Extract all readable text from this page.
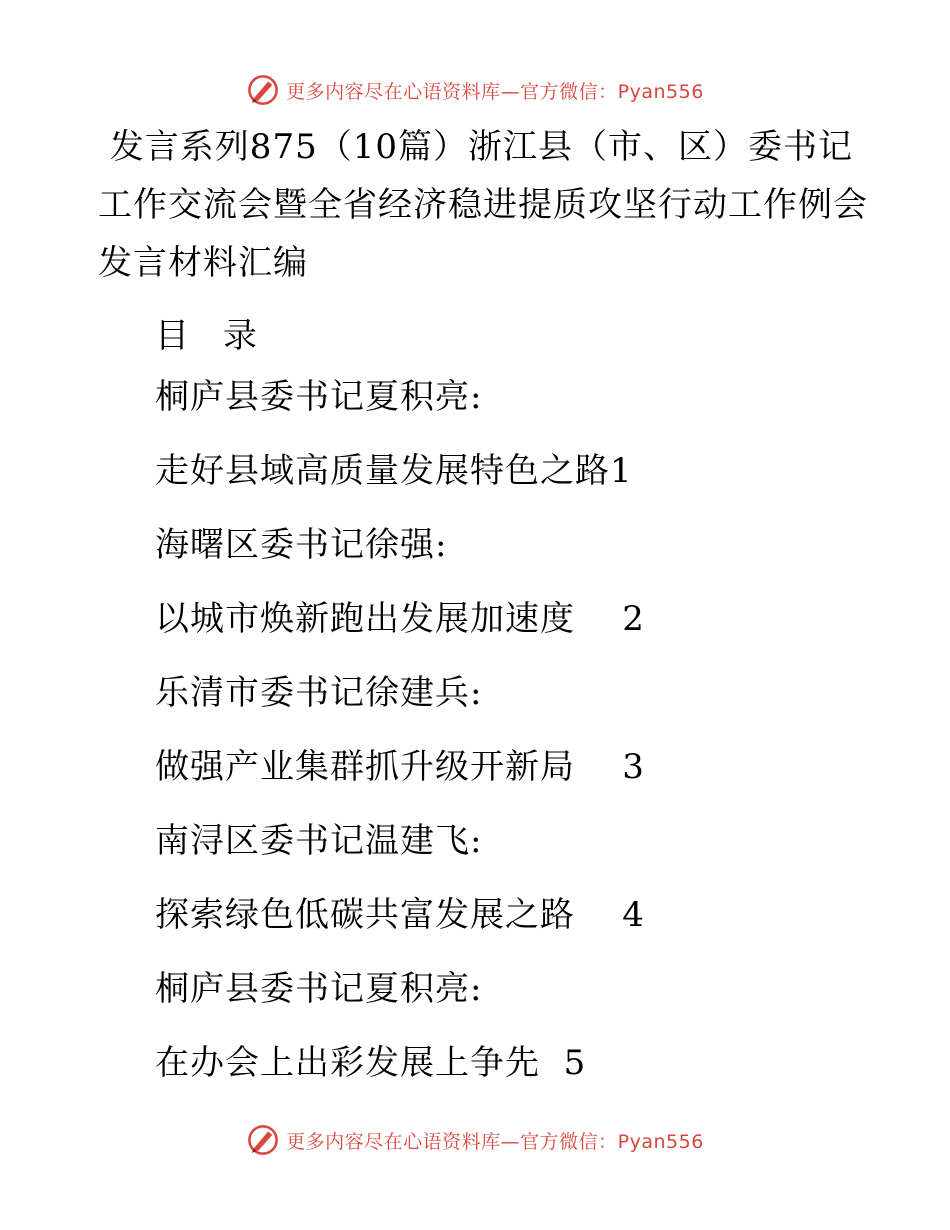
更多内容尽在心语资料库 —官方微信：Pyan556
发言系列875（10篇）浙江县（市、区）委书记
工作交流会暨全省经济稳进提质攻坚行动工作例会
发言材料汇编
目 录
桐庐县委书记夏积亮:
走好县域高质量发展特色之路1
海曙区委书记徐强:
以城市焕新跑出发展加速度    2
乐清市委书记徐建兵:
做强产业集群抓升级开新局    3
南浔区委书记温建飞:
探索绿色低碳共富发展之路    4
桐庐县委书记夏积亮:
在办会上出彩发展上争先  5
更多内容尽在心语资料库 —官方微信：Pyan556
